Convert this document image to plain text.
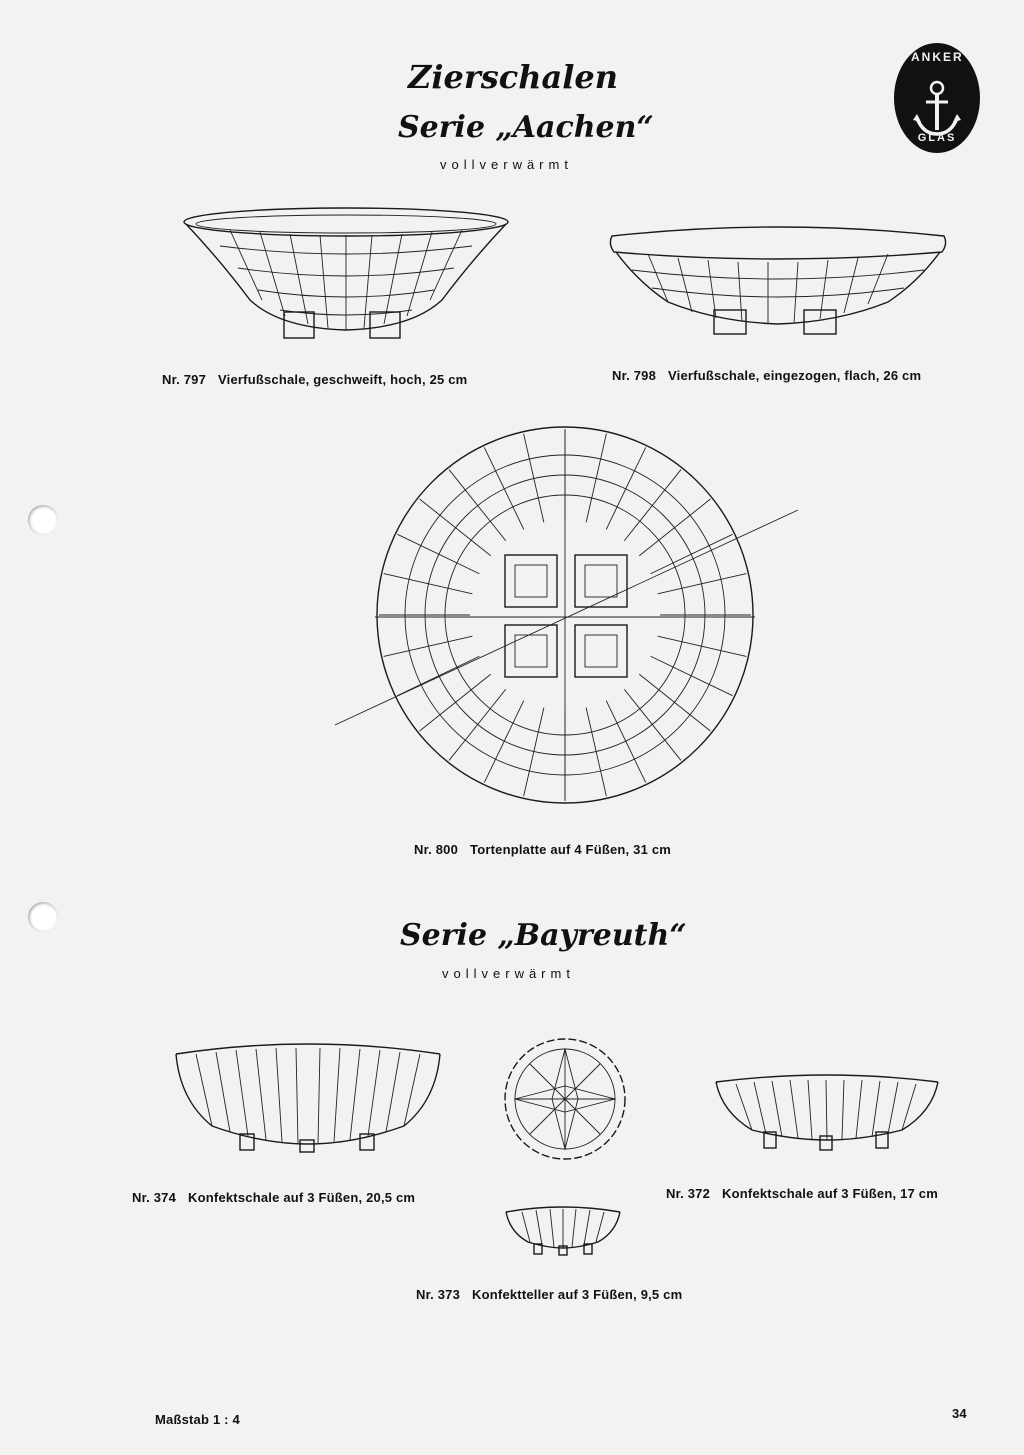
Zierschalen
Serie „Aachen“
vollverwärmt
ANKER
GLAS
Nr. 797 Vierfußschale, geschweift, hoch, 25 cm	Nr. 798 Vierfußschale, eingezogen, flach, 26 cm
Nr. 800 Tortenplatte auf 4 Füßen, 31 cm
Serie „Bayreuth“
vollverwärmt
Nr. 374 Konfektschale auf 3 Füßen, 20,5 cm	Nr. 372 Konfektschale auf 3 Füßen, 17 cm
Nr. 373 Konfektteller auf 3 Füßen, 9,5 cm
Maßstab 1 : 4	34
